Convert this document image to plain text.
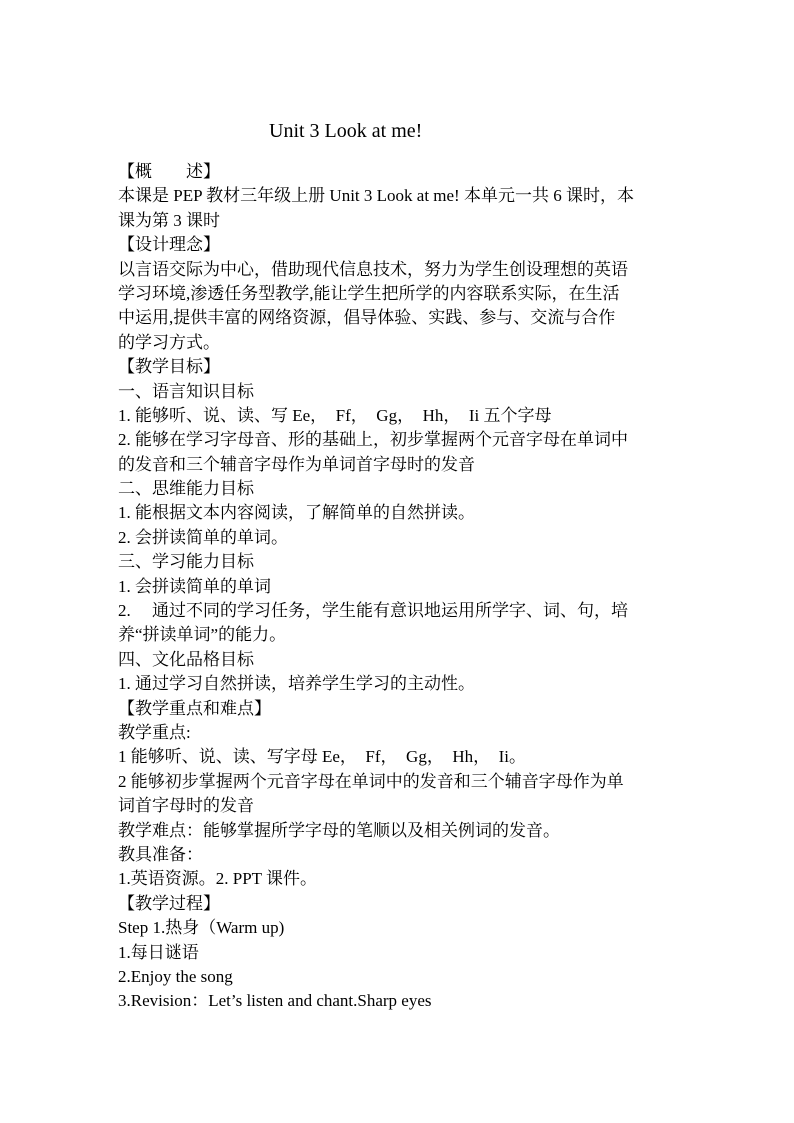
Unit 3 Look at me!
【概　　述】
本课是 PEP 教材三年级上册 Unit 3 Look at me! 本单元一共 6 课时，本
课为第 3 课时
【设计理念】
以言语交际为中心，借助现代信息技术，努力为学生创设理想的英语
学习环境,渗透任务型教学,能让学生把所学的内容联系实际，在生活
中运用,提供丰富的网络资源，倡导体验、实践、参与、交流与合作
的学习方式。
【教学目标】
一、语言知识目标
1. 能够听、说、读、写 Ee，  Ff，  Gg，  Hh，  Ii 五个字母
2. 能够在学习字母音、形的基础上，初步掌握两个元音字母在单词中
的发音和三个辅音字母作为单词首字母时的发音
二、思维能力目标
1. 能根据文本内容阅读，了解简单的自然拼读。
2. 会拼读简单的单词。
三、学习能力目标
1. 会拼读简单的单词
2.　 通过不同的学习任务，学生能有意识地运用所学字、词、句，培
养“拼读单词”的能力。
四、文化品格目标
1. 通过学习自然拼读，培养学生学习的主动性。
【教学重点和难点】
教学重点:
1 能够听、说、读、写字母 Ee，  Ff，  Gg，  Hh，  Ii。
2 能够初步掌握两个元音字母在单词中的发音和三个辅音字母作为单
词首字母时的发音
教学难点：能够掌握所学字母的笔顺以及相关例词的发音。
教具准备：
1.英语资源。2. PPT 课件。
【教学过程】
Step 1.热身（Warm up)
1.每日谜语
2.Enjoy the song
3.Revision：Let’s listen and chant.Sharp eyes
